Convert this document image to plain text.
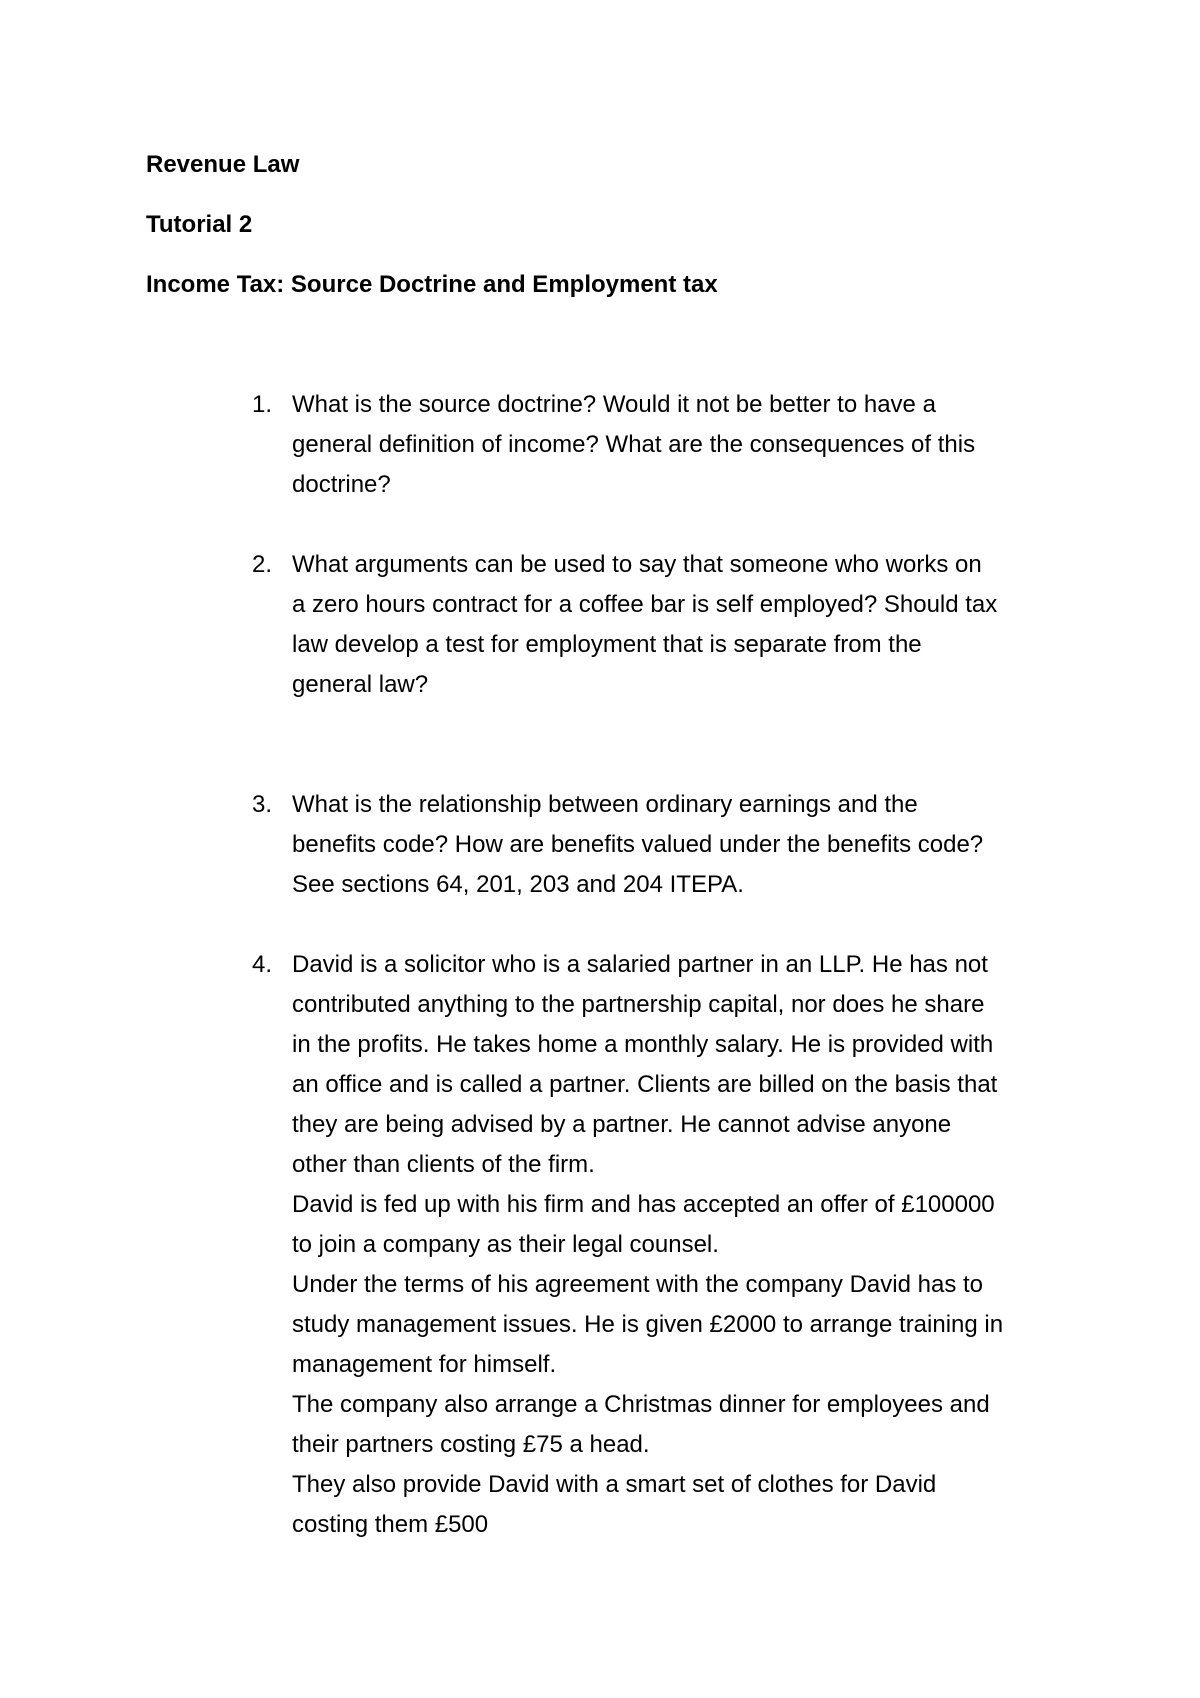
Revenue Law

Tutorial 2

Income Tax: Source Doctrine and Employment tax

1. What is the source doctrine? Would it not be better to have a
general definition of income? What are the consequences of this
doctrine?
2. What arguments can be used to say that someone who works on
a zero hours contract for a coffee bar is self employed? Should tax
law develop a test for employment that is separate from the
general law?
3. What is the relationship between ordinary earnings and the
benefits code? How are benefits valued under the benefits code?
See sections 64, 201, 203 and 204 ITEPA.
4. David is a solicitor who is a salaried partner in an LLP. He has not
contributed anything to the partnership capital, nor does he share
in the profits. He takes home a monthly salary. He is provided with
an office and is called a partner. Clients are billed on the basis that
they are being advised by a partner. He cannot advise anyone
other than clients of the firm.
David is fed up with his firm and has accepted an offer of £100000
to join a company as their legal counsel.
Under the terms of his agreement with the company David has to
study management issues. He is given £2000 to arrange training in
management for himself.
The company also arrange a Christmas dinner for employees and
their partners costing £75 a head.
They also provide David with a smart set of clothes for David
costing them £500
